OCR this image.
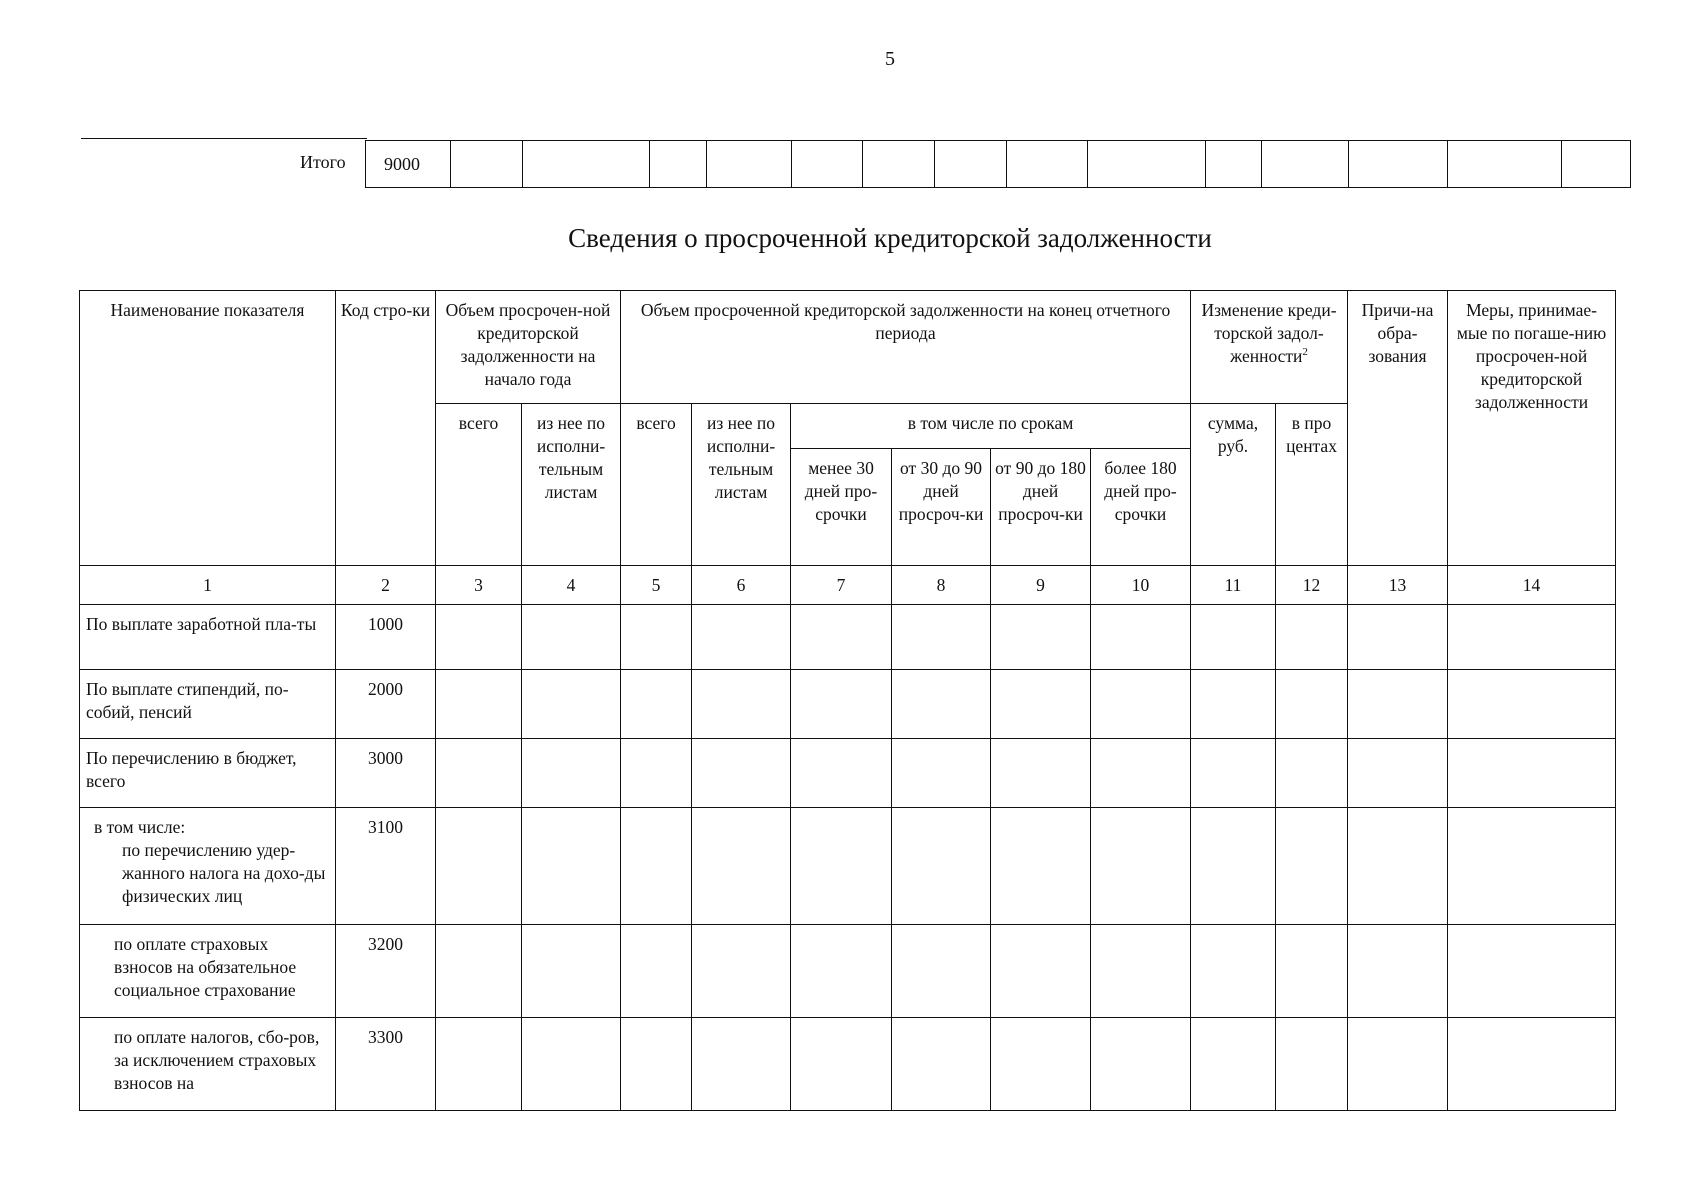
5
Итого 9000														
Сведения о просроченной кредиторской задолженности
Наименование показателя	Код стро-ки	Объем просрочен-ной кредиторской задолженности на начало года		Объем просроченной кредиторской задолженности на конец отчетного периода						Изменение креди-торской задол-женности$^2$		Причи-на обра-зования	Меры, принимае-мые по погаше-нию просрочен-ной кредиторской задолженности
		всего	из нее по исполни-тельным листам	всего	из нее по исполни-тельным листам	в том числе по срокам				сумма, руб.	в про центах		
						менее 30 дней про-срочки	от 30 до 90 дней просроч-ки	от 90 до 180 дней просроч-ки	более 180 дней про-срочки				
1	2	3	4	5	6	7	8	9	10	11	12	13	14
По выплате заработной пла-ты	1000												
По выплате стипендий, по-собий, пенсий	2000												
По перечислению в бюджет, всего	3000												
в том числе:
по перечислению удер-жанного налога на дохо-ды физических лиц	3100												
по оплате страховых взносов на обязательное социальное страхование	3200												
по оплате налогов, сбо-ров, за исключением страховых взносов на	3300												
